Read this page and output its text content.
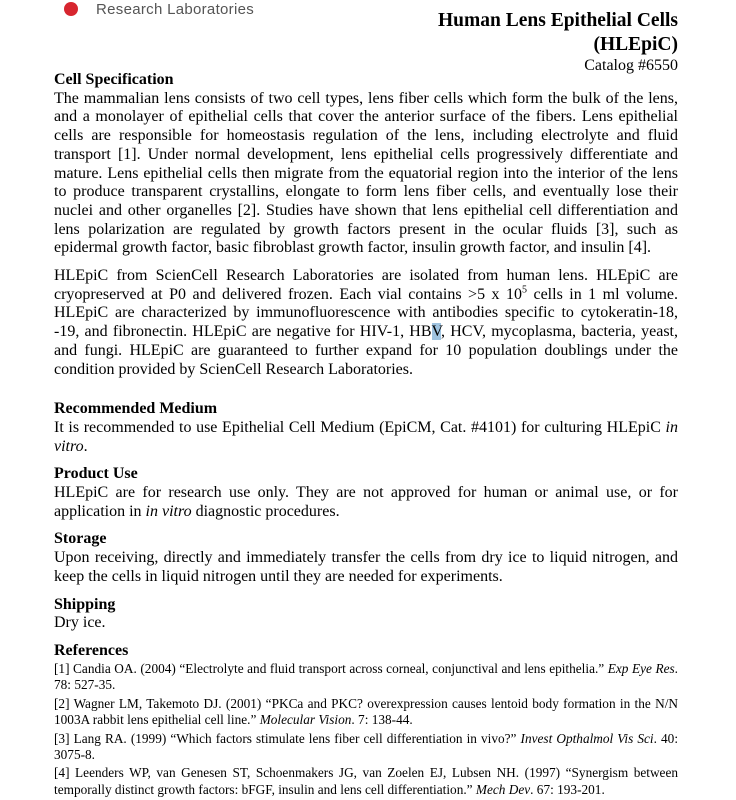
Research Laboratories
Human Lens Epithelial Cells
(HLEpiC)
Catalog #6550
Cell Specification

The mammalian lens consists of two cell types, lens fiber cells which form the bulk of the lens, and a monolayer of epithelial cells that cover the anterior surface of the fibers. Lens epithelial cells are responsible for homeostasis regulation of the lens, including electrolyte and fluid transport [1]. Under normal development, lens epithelial cells progressively differentiate and mature. Lens epithelial cells then migrate from the equatorial region into the interior of the lens to produce transparent crystallins, elongate to form lens fiber cells, and eventually lose their nuclei and other organelles [2]. Studies have shown that lens epithelial cell differentiation and lens polarization are regulated by growth factors present in the ocular fluids [3], such as epidermal growth factor, basic fibroblast growth factor, insulin growth factor, and insulin [4].

HLEpiC from ScienCell Research Laboratories are isolated from human lens. HLEpiC are cryopreserved at P0 and delivered frozen. Each vial contains >5 x $10^5$ cells in 1 ml volume. HLEpiC are characterized by immunofluorescence with antibodies specific to cytokeratin-18, -19, and fibronectin. HLEpiC are negative for HIV-1, HBV, HCV, mycoplasma, bacteria, yeast, and fungi. HLEpiC are guaranteed to further expand for 10 population doublings under the condition provided by ScienCell Research Laboratories.

Recommended Medium

It is recommended to use Epithelial Cell Medium (EpiCM, Cat. #4101) for culturing HLEpiC in vitro.

Product Use

HLEpiC are for research use only. They are not approved for human or animal use, or for application in in vitro diagnostic procedures.

Storage

Upon receiving, directly and immediately transfer the cells from dry ice to liquid nitrogen, and keep the cells in liquid nitrogen until they are needed for experiments.

Shipping

Dry ice.

References

[1] Candia OA. (2004) “Electrolyte and fluid transport across corneal, conjunctival and lens epithelia.” Exp Eye Res. 78: 527-35.

[2] Wagner LM, Takemoto DJ. (2001) “PKCa and PKC? overexpression causes lentoid body formation in the N/N 1003A rabbit lens epithelial cell line.” Molecular Vision. 7: 138-44.

[3] Lang RA. (1999) “Which factors stimulate lens fiber cell differentiation in vivo?” Invest Opthalmol Vis Sci. 40: 3075-8.

[4] Leenders WP, van Genesen ST, Schoenmakers JG, van Zoelen EJ, Lubsen NH. (1997) “Synergism between temporally distinct growth factors: bFGF, insulin and lens cell differentiation.” Mech Dev. 67: 193-201.
